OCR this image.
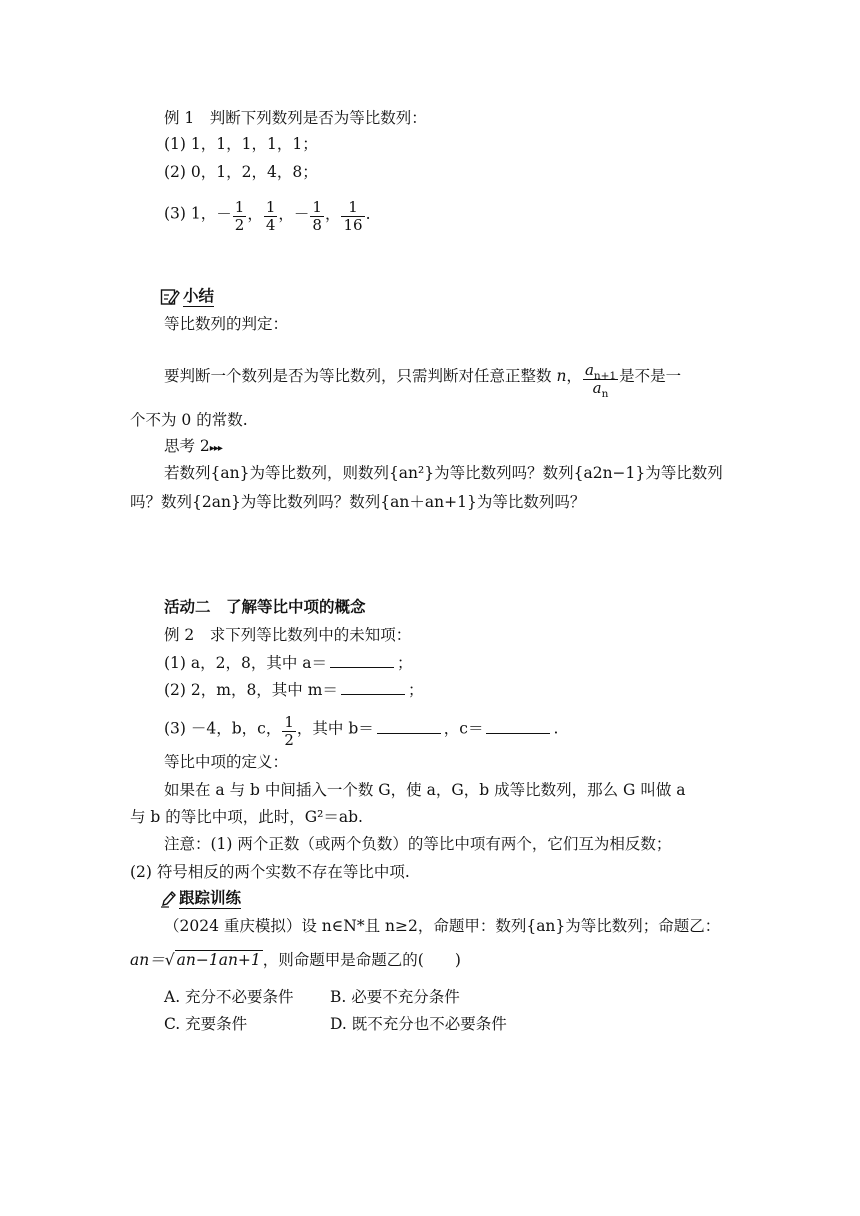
例 1　判断下列数列是否为等比数列：
(1) 1，1，1，1，1；
(2) 0，1，2，4，8；
(3) 1，－ $\frac{1}{2}$ ， $\frac{1}{4}$ ，－ $\frac{1}{8}$ ， $\frac{1}{16}$ .
小结
等比数列的判定：
要判断一个数列是否为等比数列，只需判断对任意正整数 n， $\frac{a_{n+1}}{a_n}$ 是不是一
个不为 0 的常数.
思考 2▸▸▸
若数列{an}为等比数列，则数列{an²}为等比数列吗？数列{a2n−1}为等比数列
吗？数列{2an}为等比数列吗？数列{an＋an+1}为等比数列吗？
活动二　了解等比中项的概念
例 2　求下列等比数列中的未知项：
(1) a，2，8，其中 a＝	；
(2) 2，m，8，其中 m＝	；
(3) －4，b，c， $\frac{1}{2}$ ，其中 b＝	，c＝	.
等比中项的定义：
如果在 a 与 b 中间插入一个数 G，使 a，G，b 成等比数列，那么 G 叫做 a
与 b 的等比中项，此时，G²＝ab.
注意：(1) 两个正数（或两个负数）的等比中项有两个，它们互为相反数；
(2) 符号相反的两个实数不存在等比中项.
跟踪训练
（2024 重庆模拟）设 n∈N*且 n≥2，命题甲：数列{an}为等比数列；命题乙：
an＝√ an−1an+1 ，则命题甲是命题乙的(　　)
A. 充分不必要条件 B. 必要不充分条件
C. 充要条件	D. 既不充分也不必要条件
